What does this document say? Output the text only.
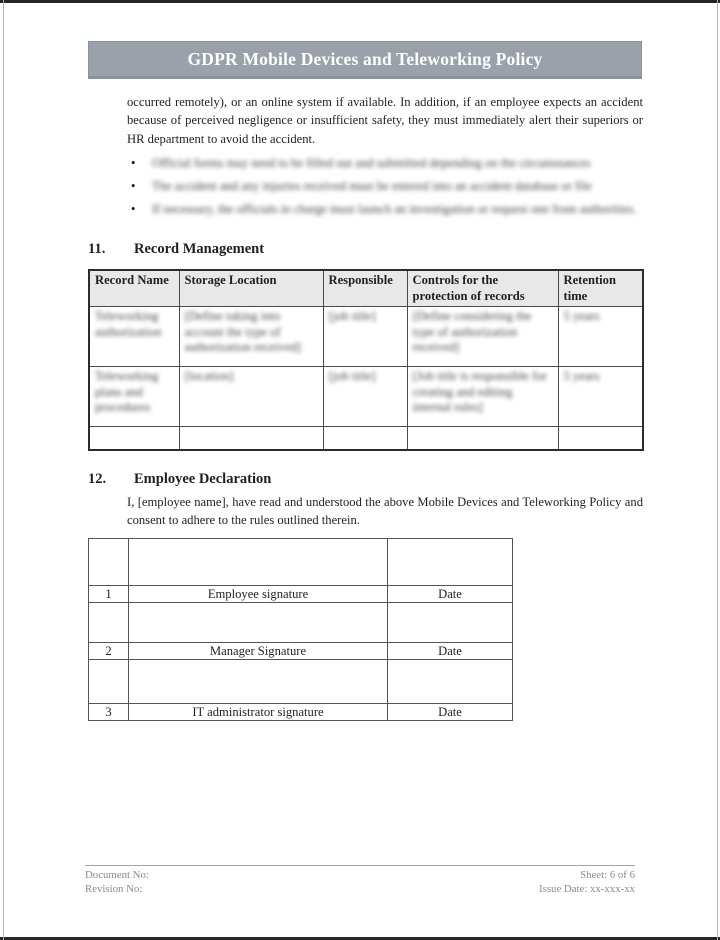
GDPR Mobile Devices and Teleworking Policy

occurred remotely), or an online system if available. In addition, if an employee expects an accident because of perceived negligence or insufficient safety, they must immediately alert their superiors or HR department to avoid the accident.

•	Official forms may need to be filled out and submitted depending on the circumstances
•	The accident and any injuries received must be entered into an accident database or file
•	If necessary, the officials in charge must launch an investigation or request one from authorities.
11.	Record Management
Record Name	Storage Location	Responsible	Controls for the protection of records	Retention time
Teleworking authorization	[Define taking into account the type of authorization received]	[job title]	[Define considering the type of authorization received]	5 years
Teleworking plans and procedures	[location]	[job title]	[Job title is responsible for creating and editing internal rules]	5 years

12.	Employee Declaration

I, [employee name], have read and understood the above Mobile Devices and Teleworking Policy and consent to adhere to the rules outlined therein.

1	Employee signature	Date

2	Manager Signature	Date

3	IT administrator signature	Date
Document No:
Revision No:
Sheet: 6 of 6
Issue Date: xx-xxx-xx
